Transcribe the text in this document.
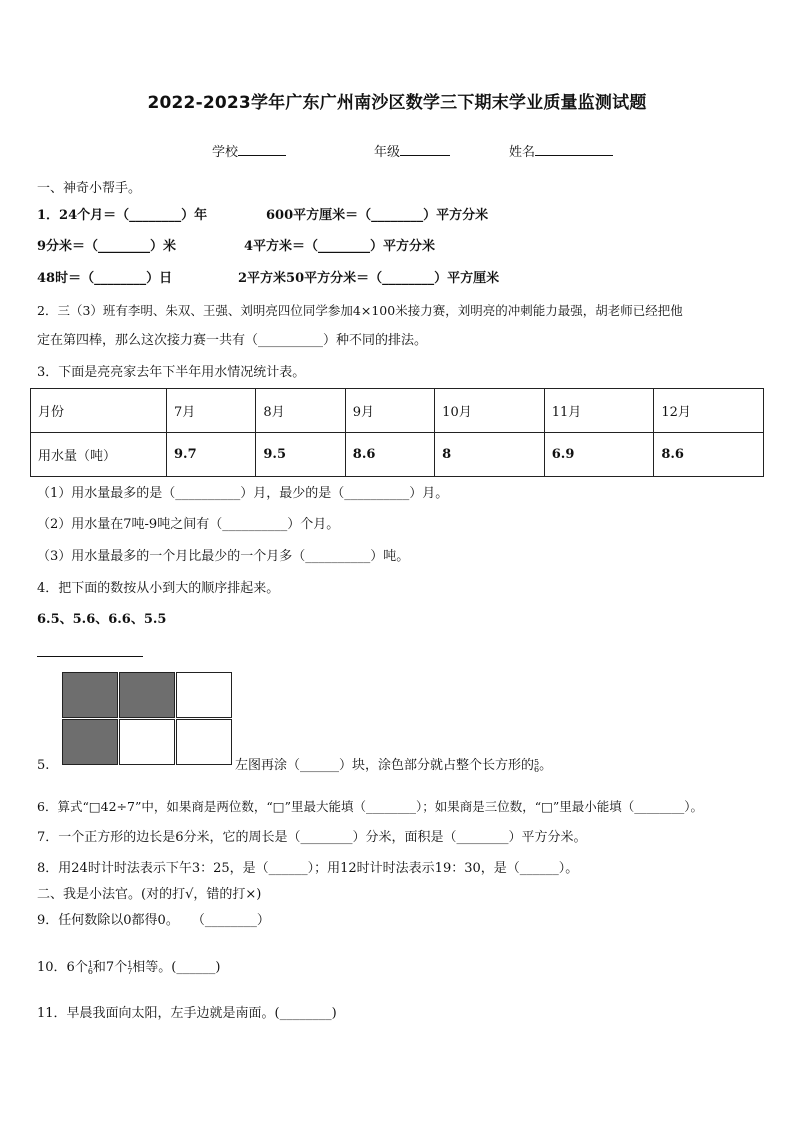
2022-2023学年广东广州南沙区数学三下期末学业质量监测试题
学校	年级	姓名
一、神奇小帮手。
1．24个月＝（________）年	600平方厘米＝（________）平方分米
9分米＝（________）米	4平方米＝（________）平方分米
48时＝（________）日	2平方米50平方分米＝（________）平方厘米
2．三（3）班有李明、朱双、王强、刘明亮四位同学参加4×100米接力赛，刘明亮的冲刺能力最强，胡老师已经把他
定在第四棒，那么这次接力赛一共有（__________）种不同的排法。
3．下面是亮亮家去年下半年用水情况统计表。
月份	7月	8月	9月	10月	11月	12月
用水量（吨）	9.7	9.5	8.6	8	6.9	8.6
（1）用水量最多的是（__________）月，最少的是（__________）月。
（2）用水量在7吨-9吨之间有（__________）个月。
（3）用水量最多的一个月比最少的一个月多（__________）吨。
4．把下面的数按从小到大的顺序排起来。
6.5、5.6、6.6、5.5
5.	左图再涂（______）块，涂色部分就占整个长方形的 5
6 。
6．算式“□42÷7”中，如果商是两位数，“□”里最大能填（________）；如果商是三位数，“□”里最小能填（________）。
7．一个正方形的边长是6分米，它的周长是（________）分米，面积是（________）平方分米。
8．用24时计时法表示下午3：25，是（______）；用12时计时法表示19：30，是（______）。
二、我是小法官。(对的打√，错的打×)
9．任何数除以0都得0。　　（________）
10．6个 1
6 和7个 1
7 相等。(______)
11．早晨我面向太阳，左手边就是南面。(________)
